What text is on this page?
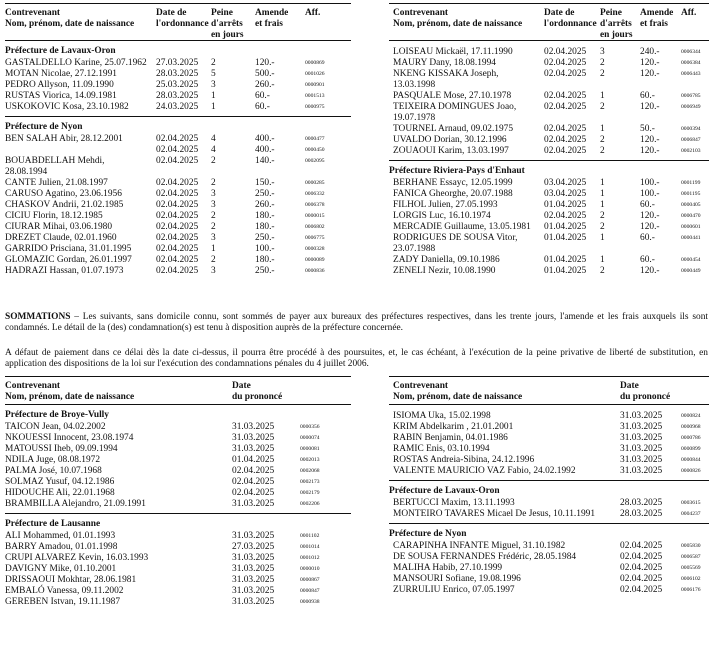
Contrevenant
Nom, prénom, date de naissance
Date de
l'ordonnance
Peine
d'arrêts
en jours
Amende
et frais
Aff.
Préfecture de Lavaux-Oron
GASTALDELLO Karine, 25.07.1962 27.03.2025 2	120.-	0000869
MOTAN Nicolae, 27.12.1991	28.03.2025 5	500.-	0001026
PEDRO Allyson, 11.09.1990	25.03.2025 3	260.-	0000901
RUSTAS Viorica, 14.09.1981	28.03.2025 1	60.-	0001513
USKOKOVIC Kosa, 23.10.1982	24.03.2025 1	60.-	0000975
Préfecture de Nyon
BEN SALAH Abir, 28.12.2001	02.04.2025 4	400.-	0000477
02.04.2025 4	400.-	0000450
BOUABDELLAH Mehdi,
28.08.1994
02.04.2025 2	140.-	0002095
CANTE Julien, 21.08.1997	02.04.2025 2	150.-	0000285
CARUSO Agatino, 23.06.1956	02.04.2025 3	250.-	0006332
CHASKOV Andrii, 21.02.1985	02.04.2025 3	260.-	0006378
CICIU Florin, 18.12.1985	02.04.2025 2	180.-	0000015
CIURAR Mihai, 03.06.1980	02.04.2025 2	180.-	0006802
DREZET Claude, 02.01.1960	02.04.2025 3	250.-	0006775
GARRIDO Prisciana, 31.01.1995	02.04.2025 1	100.-	0000328
GLOMAZIC Gordan, 26.01.1997	02.04.2025 2	180.-	0000089
HADRAZI Hassan, 01.07.1973	02.04.2025 3	250.-	0000836
Contrevenant
Nom, prénom, date de naissance
Date de
l'ordonnance
Peine
d'arrêts
en jours
Amende
et frais
Aff.
LOISEAU Mickaël, 17.11.1990	02.04.2025 3	240.-	0006344
MAURY Dany, 18.08.1994	02.04.2025 2	120.-	0006384
NKENG KISSAKA Joseph,
13.03.1998
02.04.2025 2	120.-	0006443
PASQUALE Mose, 27.10.1978	02.04.2025 1	60.-	0006785
TEIXEIRA DOMINGUES Joao,
19.07.1978
02.04.2025 2	120.-	0006949
TOURNEL Arnaud, 09.02.1975	02.04.2025 1	50.-	0000394
UVALDO Dorian, 30.12.1996	02.04.2025 2	120.-	0006847
ZOUAOUI Karim, 13.03.1997	02.04.2025 2	120.-	0002103
Préfecture Riviera-Pays d'Enhaut
BERHANE Essayc, 12.05.1999	03.04.2025 1	100.-	0001199
FANICA Gheorghe, 20.07.1988	03.04.2025 1	100.-	0001195
FILHOL Julien, 27.05.1993	01.04.2025 1	60.-	0000405
LORGIS Luc, 16.10.1974	02.04.2025 2	120.-	0000470
MERCADIE Guillaume, 13.05.1981 01.04.2025 2	120.-	0000601
RODRIGUES DE SOUSA Vitor,
23.07.1988
01.04.2025 1	60.-	0000441
ZADY Daniella, 09.10.1986	01.04.2025 1	60.-	0000454
ZENELI Nezir, 10.08.1990	01.04.2025 2	120.-	0000449
SOMMATIONS – Les suivants, sans domicile connu, sont sommés de payer aux bureaux des préfectures respectives, dans les trente jours, l'amende et les frais auxquels ils sont condamnés. Le détail de la (des) condamnation(s) est tenu à disposition auprès de la préfecture concernée.
A défaut de paiement dans ce délai dès la date ci-dessus, il pourra être procédé à des poursuites, et, le cas échéant, à l'exécution de la peine privative de liberté de substitution, en application des dispositions de la loi sur l'exécution des condamnations pénales du 4 juillet 2006.
Contrevenant
Nom, prénom, date de naissance
Date
du prononcé
Préfecture de Broye-Vully
TAICON Jean, 04.02.2002	31.03.2025	0000356
NKOUESSI Innocent, 23.08.1974	31.03.2025	0000074
MATOUSSI Iheb, 09.09.1994	31.03.2025	0000081
NDILA Juge, 08.08.1972	01.04.2025	0002013
PALMA José, 10.07.1968	02.04.2025	0002068
SOLMAZ Yusuf, 04.12.1986	02.04.2025	0002173
HIDOUCHE Ali, 22.01.1968	02.04.2025	0002179
BRAMBILLA Alejandro, 21.09.1991	31.03.2025	0002206
Préfecture de Lausanne
ALI Mohammed, 01.01.1993	31.03.2025	0001102
BARRY Amadou, 01.01.1998	27.03.2025	0001014
CRUPI ALVAREZ Kevin, 16.03.1993	31.03.2025	0001012
DAVIGNY Mike, 01.10.2001	31.03.2025	0000010
DRISSAOUI Mokhtar, 28.06.1981	31.03.2025	0000867
EMBALÓ Vanessa, 09.11.2002	31.03.2025	0000847
GEREBEN Istvan, 19.11.1987	31.03.2025	0000938
Contrevenant
Nom, prénom, date de naissance
Date
du prononcé
ISIOMA Uka, 15.02.1998	31.03.2025	0000824
KRIM Abdelkarim , 21.01.2001	31.03.2025	0000968
RABIN Benjamin, 04.01.1986	31.03.2025	0000786
RAMIC Enis, 03.10.1994	31.03.2025	0000899
ROSTAS Andreia-Sibina, 24.12.1996	31.03.2025	0000844
VALENTE MAURICIO VAZ Fabio, 24.02.1992	31.03.2025	0000826
Préfecture de Lavaux-Oron
BERTUCCI Maxim, 13.11.1993	28.03.2025	0003615
MONTEIRO TAVARES Micael De Jesus, 10.11.1991	28.03.2025	0004237
Préfecture de Nyon
CARAPINHA INFANTE Miguel, 31.10.1982	02.04.2025	0005830
DE SOUSA FERNANDES Frédéric, 28.05.1984	02.04.2025	0006587
MALIHA Habib, 27.10.1999	02.04.2025	0005569
MANSOURI Sofiane, 19.08.1996	02.04.2025	0006102
ZURRULIU Enrico, 07.05.1997	02.04.2025	0006176
